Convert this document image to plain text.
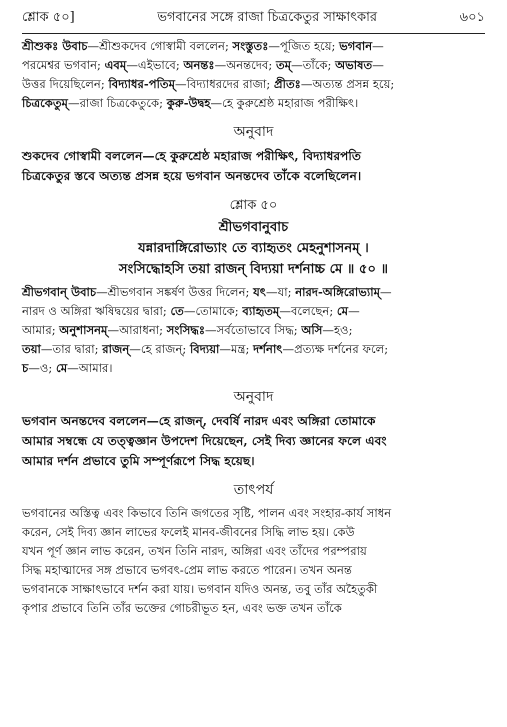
শ্লোক ৫০]	ভগবানের সঙ্গে রাজা চিত্রকেতুর সাক্ষাৎকার	৬০১

শ্রীশুকঃ উবাচ—শ্রীশুকদেব গোস্বামী বললেন; সংস্তুতঃ—পূজিত হয়ে; ভগবান—

পরমেশ্বর ভগবান; এবম্—এইভাবে; অনন্তঃ—অনন্তদেব; তম্—তাঁকে; অভাষত—

উত্তর দিয়েছিলেন; বিদ্যাধর-পতিম্—বিদ্যাধরদের রাজা; প্রীতঃ—অত্যন্ত প্রসন্ন হয়ে;

চিত্রকেতুম্—রাজা চিত্রকেতুকে; কুরু-উদ্বহ—হে কুরুশ্রেষ্ঠ মহারাজ পরীক্ষিৎ।

অনুবাদ

শুকদেব গোস্বামী বললেন—হে কুরুশ্রেষ্ঠ মহারাজ পরীক্ষিৎ, বিদ্যাধরপতি

চিত্রকেতুর স্তবে অত্যন্ত প্রসন্ন হয়ে ভগবান অনন্তদেব তাঁকে বলেছিলেন।

শ্লোক ৫০

শ্রীভগবানুবাচ

যন্নারদাঙ্গিরোভ্যাং তে ব্যাহৃতং মেহনুশাসনম্ ।

সংসিদ্ধোহসি তয়া রাজন্ বিদ্যয়া দর্শনাচ্চ মে ॥ ৫০ ॥

শ্রীভগবান্ উবাচ—শ্রীভগবান সঙ্কর্ষণ উত্তর দিলেন; যৎ—যা; নারদ-অঙ্গিরোভ্যাম্—

নারদ ও অঙ্গিরা ঋষিদ্বয়ের দ্বারা; তে—তোমাকে; ব্যাহৃতম্—বলেছেন; মে—

আমার; অনুশাসনম্—আরাধনা; সংসিদ্ধঃ—সর্বতোভাবে সিদ্ধ; অসি—হও;

তয়া—তার দ্বারা; রাজন্—হে রাজন্; বিদ্যয়া—মন্ত্র; দর্শনাৎ—প্রত্যক্ষ দর্শনের ফলে;

চ—ও; মে—আমার।

অনুবাদ

ভগবান অনন্তদেব বললেন—হে রাজন্, দেবর্ষি নারদ এবং অঙ্গিরা তোমাকে

আমার সম্বন্ধে যে তত্ত্বজ্ঞান উপদেশ দিয়েছেন, সেই দিব্য জ্ঞানের ফলে এবং

আমার দর্শন প্রভাবে তুমি সম্পূর্ণরূপে সিদ্ধ হয়েছ।

তাৎপর্য

ভগবানের অস্তিত্ব এবং কিভাবে তিনি জগতের সৃষ্টি, পালন এবং সংহার-কার্য সাধন

করেন, সেই দিব্য জ্ঞান লাভের ফলেই মানব-জীবনের সিদ্ধি লাভ হয়। কেউ

যখন পূর্ণ জ্ঞান লাভ করেন, তখন তিনি নারদ, অঙ্গিরা এবং তাঁদের পরম্পরায়

সিদ্ধ মহাত্মাদের সঙ্গ প্রভাবে ভগবৎ-প্রেম লাভ করতে পারেন। তখন অনন্ত

ভগবানকে সাক্ষাৎভাবে দর্শন করা যায়। ভগবান যদিও অনন্ত, তবু তাঁর অহৈতুকী

কৃপার প্রভাবে তিনি তাঁর ভক্তের গোচরীভূত হন, এবং ভক্ত তখন তাঁকে
